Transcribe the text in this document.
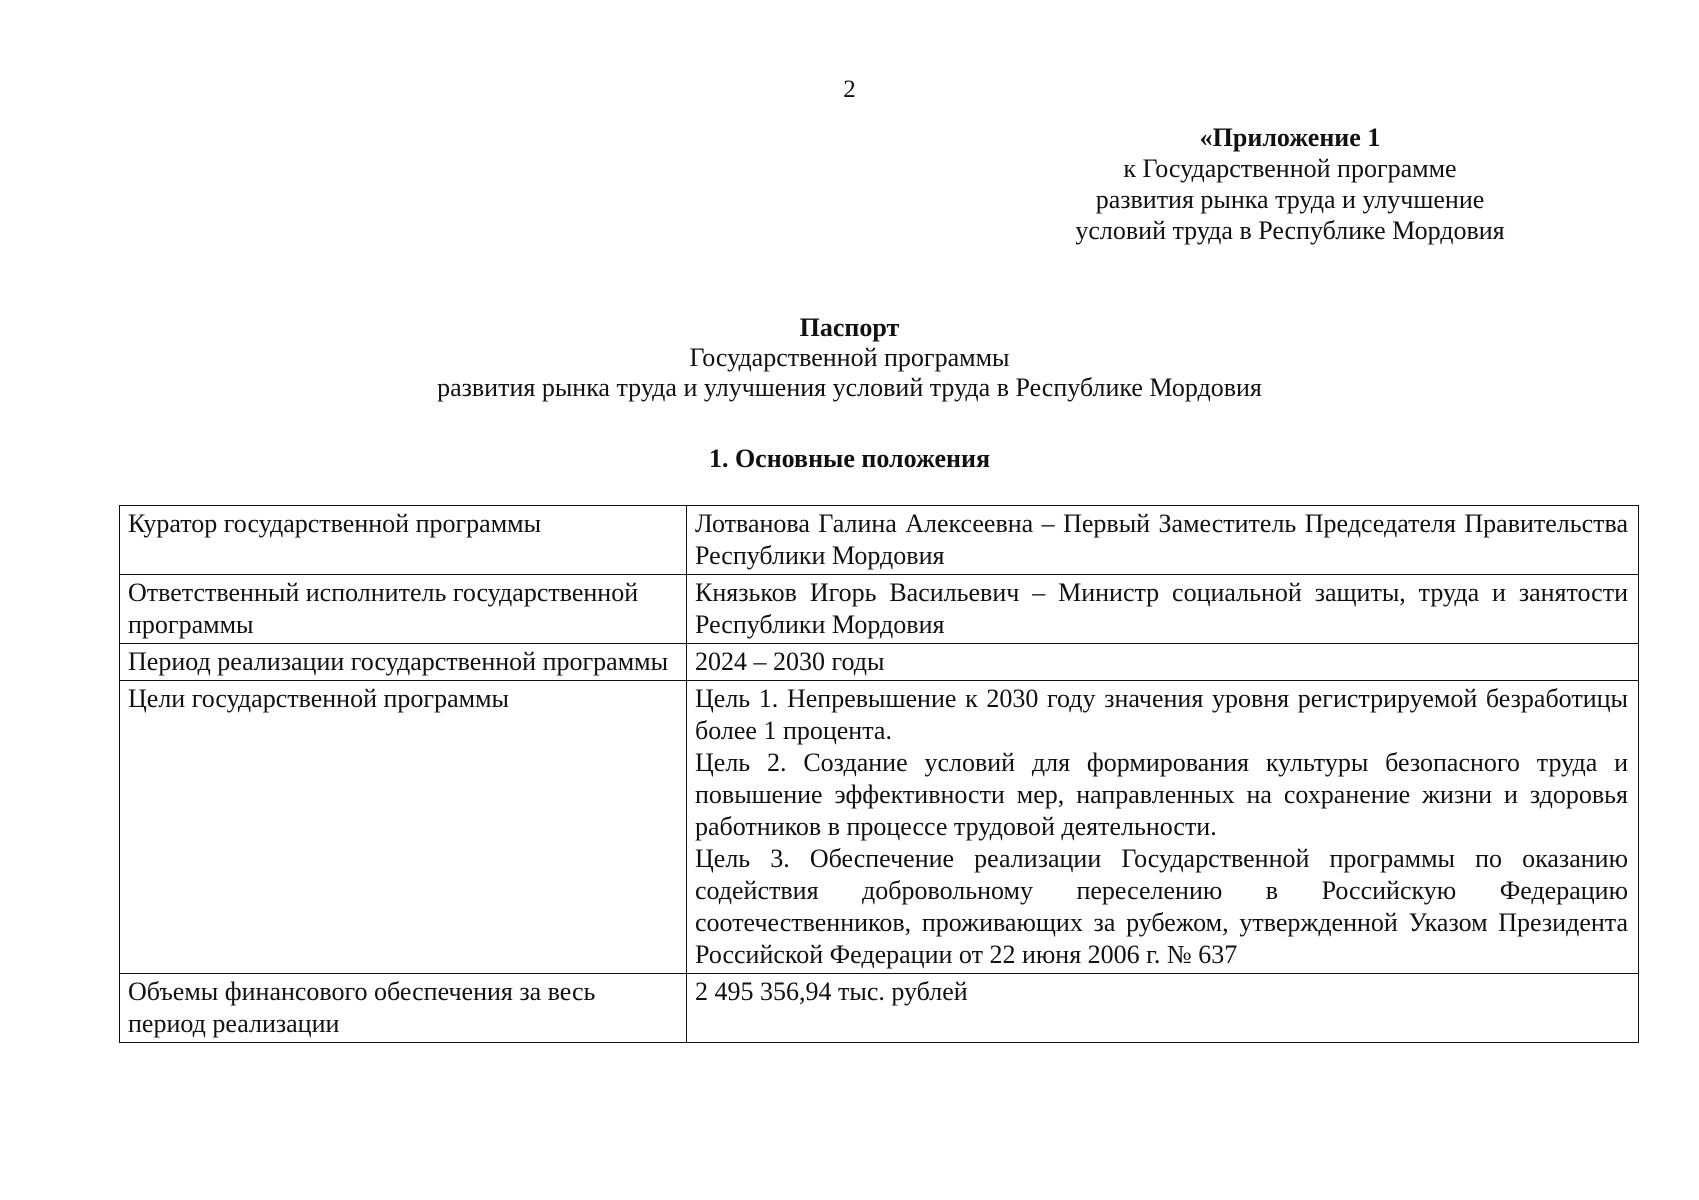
2
«Приложение 1
к Государственной программе
развития рынка труда и улучшение
условий труда в Республике Мордовия
Паспорт
Государственной программы
развития рынка труда и улучшения условий труда в Республике Мордовия
1. Основные положения
Куратор государственной программы	Лотванова Галина Алексеевна – Первый Заместитель Председателя Правительства Республики Мордовия
Ответственный исполнитель государственной программы	Князьков Игорь Васильевич – Министр социальной защиты, труда и занятости Республики Мордовия
Период реализации государственной программы	2024 – 2030 годы
Цели государственной программы	Цель 1. Непревышение к 2030 году значения уровня регистрируемой безработицы более 1 процента.
Цель 2. Создание условий для формирования культуры безопасного труда и повышение эффективности мер, направленных на сохранение жизни и здоровья работников в процессе трудовой деятельности.
Цель 3. Обеспечение реализации Государственной программы по оказанию содействия добровольному переселению в Российскую Федерацию соотечественников, проживающих за рубежом, утвержденной Указом Президента Российской Федерации от 22 июня 2006 г. № 637

Объемы финансового обеспечения за весь период реализации	2 495 356,94 тыс. рублей
